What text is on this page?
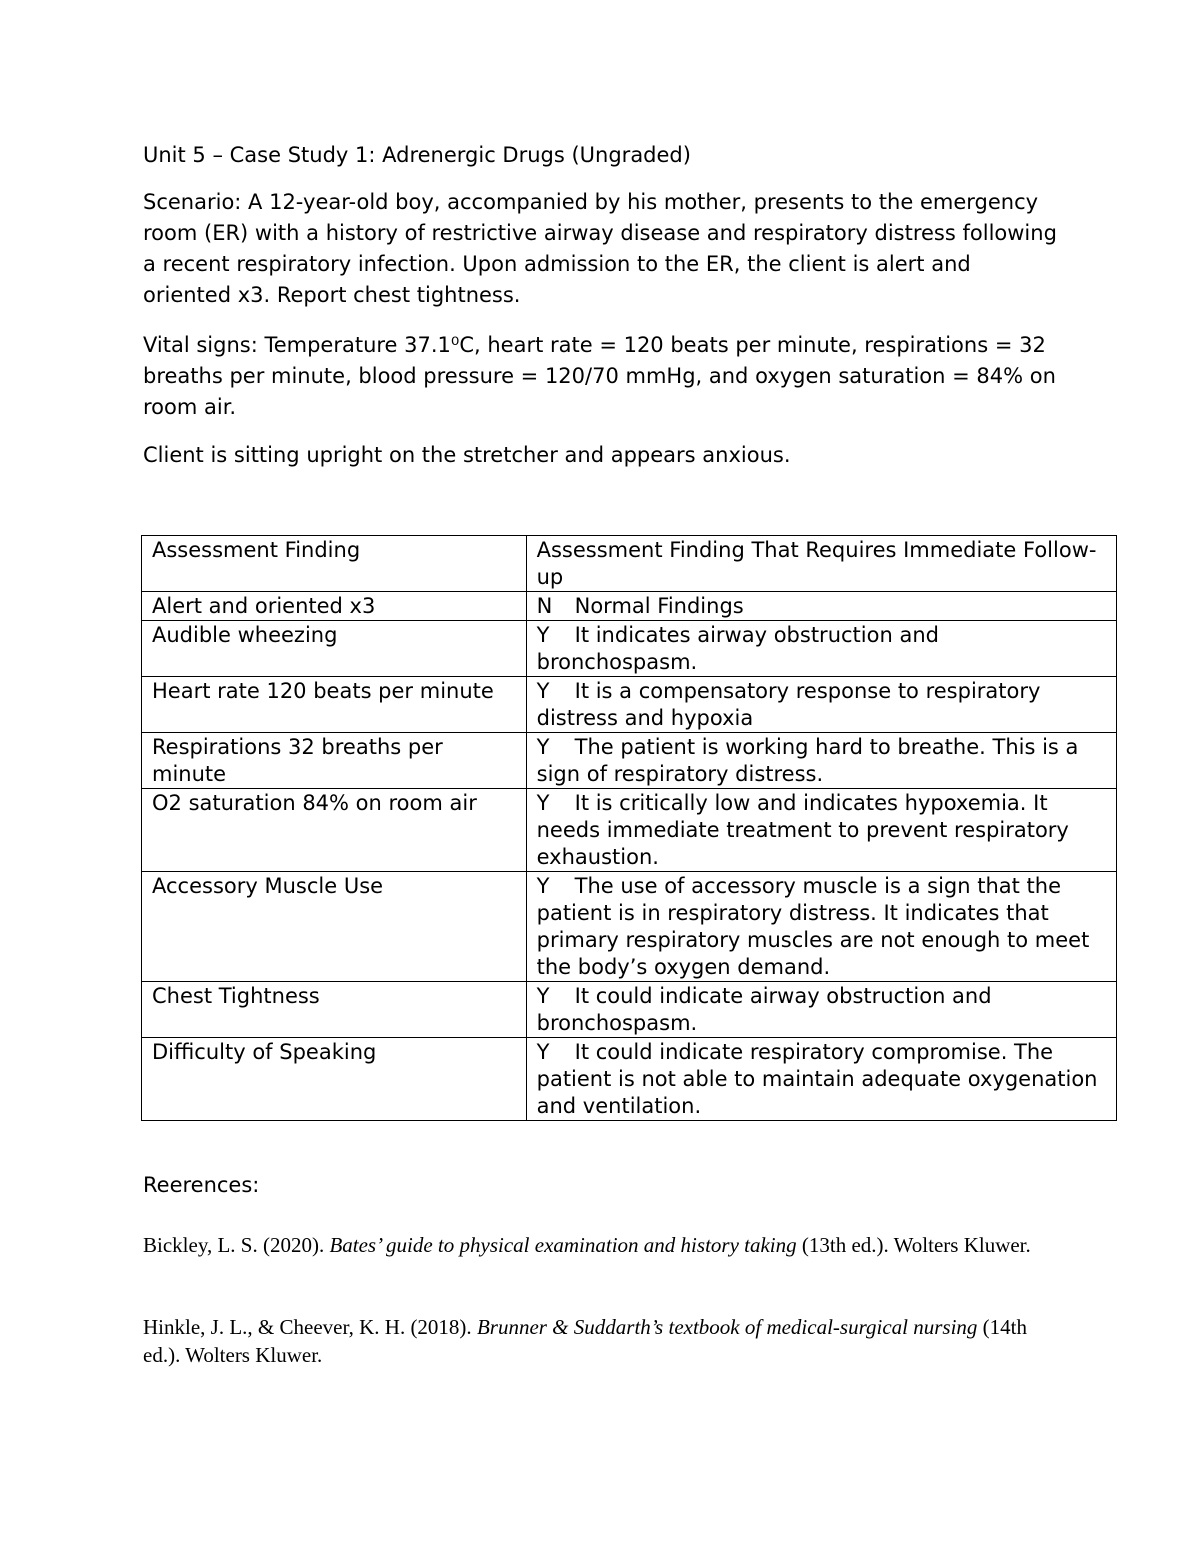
Unit 5 – Case Study 1: Adrenergic Drugs (Ungraded)

Scenario: A 12-year-old boy, accompanied by his mother, presents to the emergency room (ER) with a history of restrictive airway disease and respiratory distress following a recent respiratory infection. Upon admission to the ER, the client is alert and oriented x3. Report chest tightness.

Vital signs: Temperature 37.1⁰C, heart rate = 120 beats per minute, respirations = 32 breaths per minute, blood pressure = 120/70 mmHg, and oxygen saturation = 84% on room air.

Client is sitting upright on the stretcher and appears anxious.

Assessment Finding	Assessment Finding That Requires Immediate Follow-up
Alert and oriented x3	N Normal Findings
Audible wheezing	Y It indicates airway obstruction and bronchospasm.
Heart rate 120 beats per minute	Y It is a compensatory response to respiratory distress and hypoxia
Respirations 32 breaths per minute	Y The patient is working hard to breathe. This is a sign of respiratory distress.
O2 saturation 84% on room air	Y It is critically low and indicates hypoxemia. It needs immediate treatment to prevent respiratory exhaustion.
Accessory Muscle Use	Y The use of accessory muscle is a sign that the patient is in respiratory distress. It indicates that primary respiratory muscles are not enough to meet the body’s oxygen demand.
Chest Tightness	Y It could indicate airway obstruction and bronchospasm.
Difficulty of Speaking	Y It could indicate respiratory compromise. The patient is not able to maintain adequate oxygenation and ventilation.

Reerences:

Bickley, L. S. (2020). Bates’ guide to physical examination and history taking (13th ed.). Wolters Kluwer.

Hinkle, J. L., & Cheever, K. H. (2018). Brunner & Suddarth’s textbook of medical-surgical nursing (14th ed.). Wolters Kluwer.
